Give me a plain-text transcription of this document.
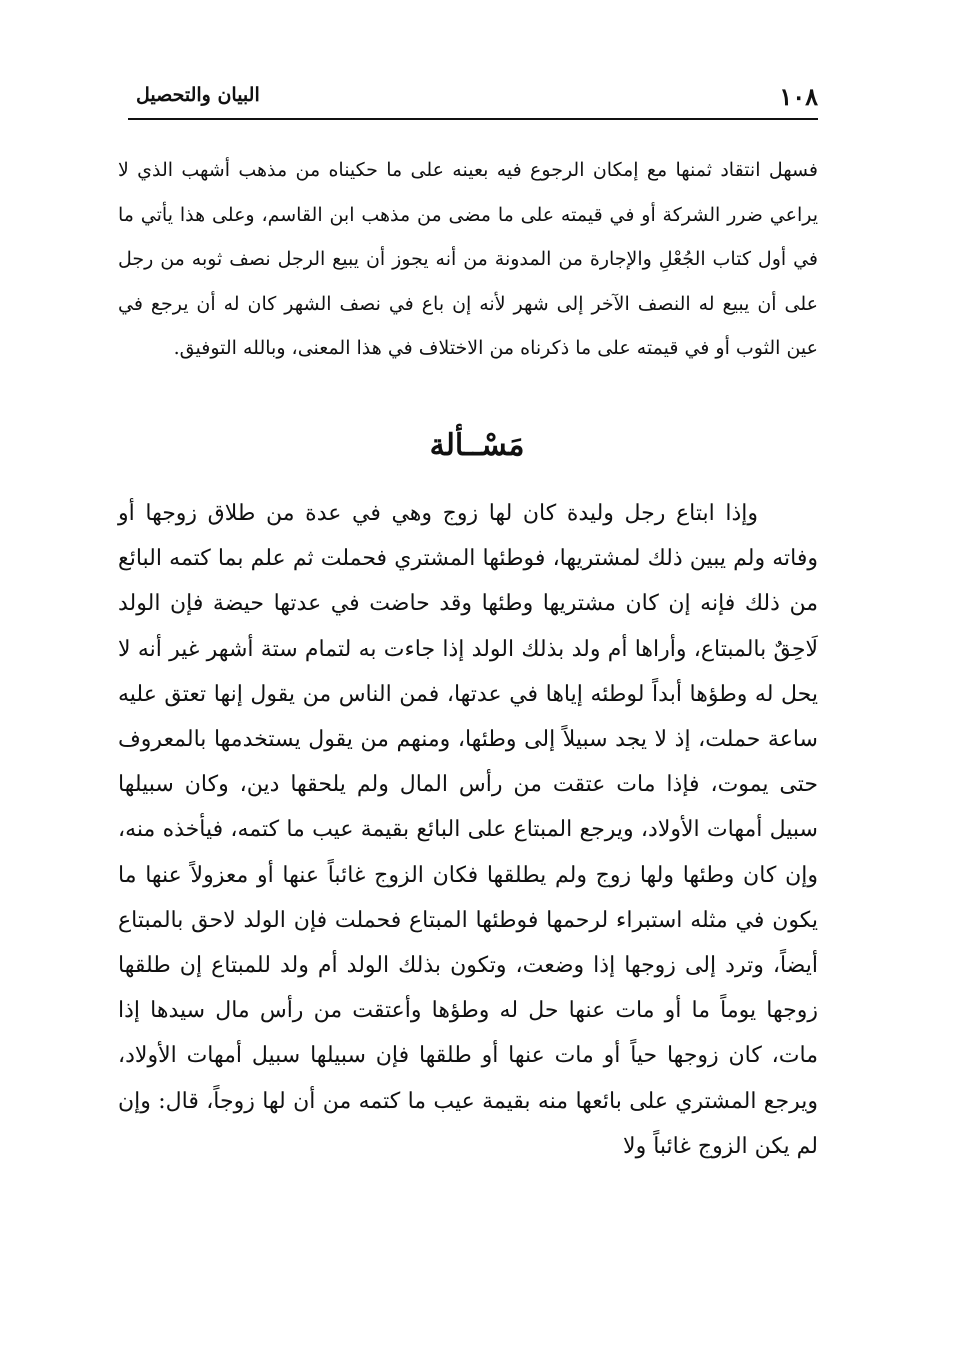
١٠٨
البيان والتحصيل

فسهل انتقاد ثمنها مع إمكان الرجوع فيه بعينه على ما حكيناه من مذهب أشهب الذي لا يراعي ضرر الشركة أو في قيمته على ما مضى من مذهب ابن القاسم، وعلى هذا يأتي ما في أول كتاب الجُعْلِ والإجارة من المدونة من أنه يجوز أن يبيع الرجل نصف ثوبه من رجل على أن يبيع له النصف الآخر إلى شهر لأنه إن باع في نصف الشهر كان له أن يرجع في عين الثوب أو في قيمته على ما ذكرناه من الاختلاف في هذا المعنى، وبالله التوفيق.

مَسْــألة

وإذا ابتاع رجل وليدة كان لها زوج وهي في عدة من طلاق زوجها أو وفاته ولم يبين ذلك لمشتريها، فوطئها المشتري فحملت ثم علم بما كتمه البائع من ذلك فإنه إن كان مشتريها وطئها وقد حاضت في عدتها حيضة فإن الولد لَاحِقٌ بالمبتاع، وأراها أم ولد بذلك الولد إذا جاءت به لتمام ستة أشهر غير أنه لا يحل له وطؤها أبداً لوطئه إياها في عدتها، فمن الناس من يقول إنها تعتق عليه ساعة حملت، إذ لا يجد سبيلاً إلى وطئها، ومنهم من يقول يستخدمها بالمعروف حتى يموت، فإذا مات عتقت من رأس المال ولم يلحقها دين، وكان سبيلها سبيل أمهات الأولاد، ويرجع المبتاع على البائع بقيمة عيب ما كتمه، فيأخذه منه، وإن كان وطئها ولها زوج ولم يطلقها فكان الزوج غائباً عنها أو معزولاً عنها ما يكون في مثله استبراء لرحمها فوطئها المبتاع فحملت فإن الولد لاحق بالمبتاع أيضاً، وترد إلى زوجها إذا وضعت، وتكون بذلك الولد أم ولد للمبتاع إن طلقها زوجها يوماً ما أو مات عنها حل له وطؤها وأعتقت من رأس مال سيدها إذا مات، كان زوجها حياً أو مات عنها أو طلقها فإن سبيلها سبيل أمهات الأولاد، ويرجع المشتري على بائعها منه بقيمة عيب ما كتمه من أن لها زوجاً، قال: وإن لم يكن الزوج غائباً ولا
